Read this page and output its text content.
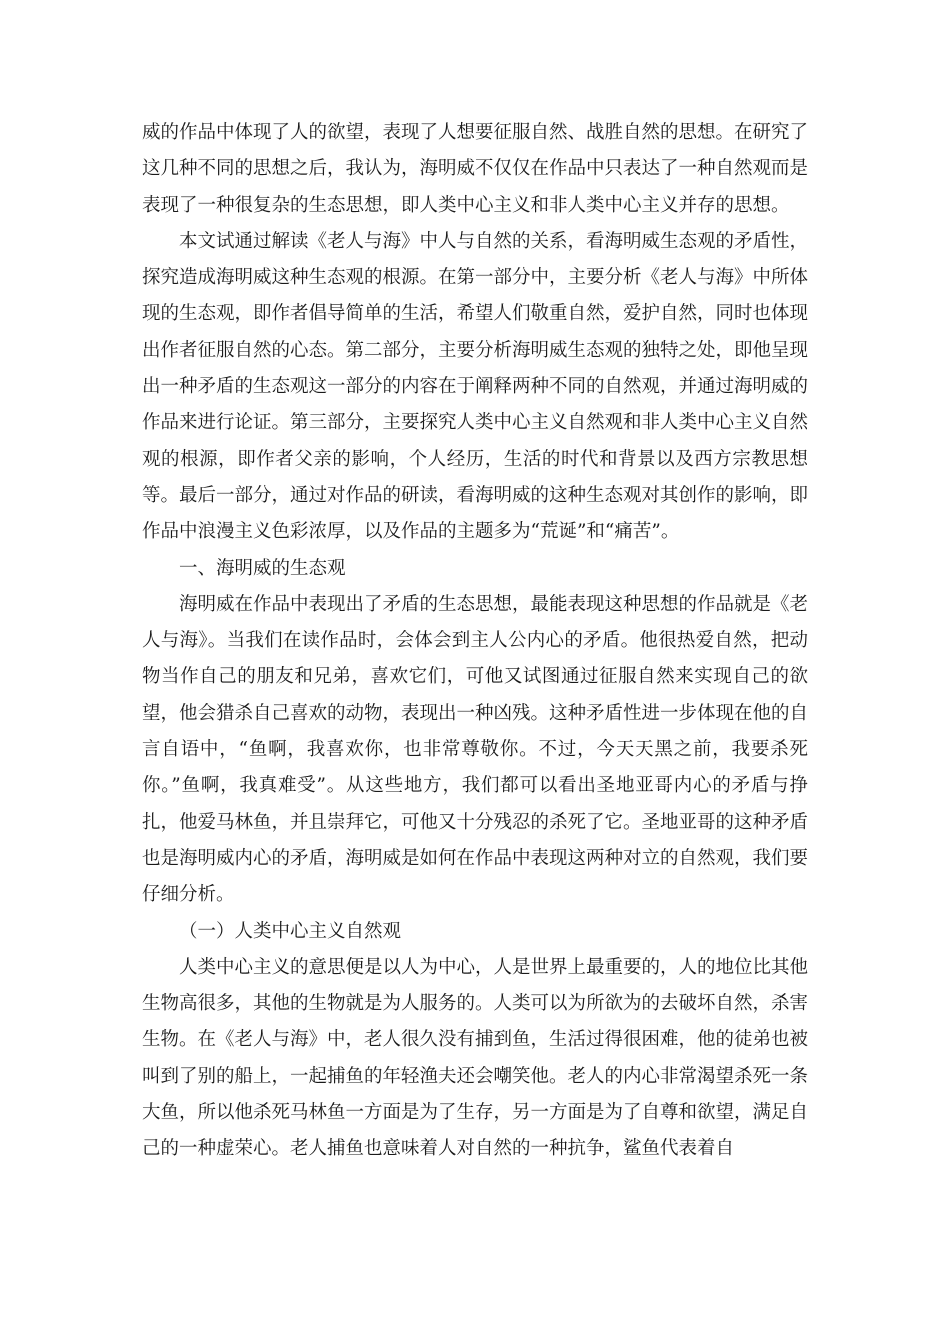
威的作品中体现了人的欲望，表现了人想要征服自然、战胜自然的思想。在研究了这几种不同的思想之后，我认为，海明威不仅仅在作品中只表达了一种自然观而是表现了一种很复杂的生态思想，即人类中心主义和非人类中心主义并存的思想。

本文试通过解读《老人与海》中人与自然的关系，看海明威生态观的矛盾性，探究造成海明威这种生态观的根源。在第一部分中，主要分析《老人与海》中所体现的生态观，即作者倡导简单的生活，希望人们敬重自然，爱护自然，同时也体现出作者征服自然的心态。第二部分，主要分析海明威生态观的独特之处，即他呈现出一种矛盾的生态观这一部分的内容在于阐释两种不同的自然观，并通过海明威的作品来进行论证。第三部分，主要探究人类中心主义自然观和非人类中心主义自然观的根源，即作者父亲的影响，个人经历，生活的时代和背景以及西方宗教思想等。最后一部分，通过对作品的研读，看海明威的这种生态观对其创作的影响，即作品中浪漫主义色彩浓厚，以及作品的主题多为“荒诞”和“痛苦”。

一、海明威的生态观

海明威在作品中表现出了矛盾的生态思想，最能表现这种思想的作品就是《老人与海》。当我们在读作品时，会体会到主人公内心的矛盾。他很热爱自然，把动物当作自己的朋友和兄弟，喜欢它们，可他又试图通过征服自然来实现自己的欲望，他会猎杀自己喜欢的动物，表现出一种凶残。这种矛盾性进一步体现在他的自言自语中，“鱼啊，我喜欢你，也非常尊敬你。不过，今天天黑之前，我要杀死你。”鱼啊，我真难受”。从这些地方，我们都可以看出圣地亚哥内心的矛盾与挣扎，他爱马林鱼，并且崇拜它，可他又十分残忍的杀死了它。圣地亚哥的这种矛盾也是海明威内心的矛盾，海明威是如何在作品中表现这两种对立的自然观，我们要仔细分析。

（一）人类中心主义自然观

人类中心主义的意思便是以人为中心，人是世界上最重要的，人的地位比其他生物高很多，其他的生物就是为人服务的。人类可以为所欲为的去破坏自然，杀害生物。在《老人与海》中，老人很久没有捕到鱼，生活过得很困难，他的徒弟也被叫到了别的船上，一起捕鱼的年轻渔夫还会嘲笑他。老人的内心非常渴望杀死一条大鱼，所以他杀死马林鱼一方面是为了生存，另一方面是为了自尊和欲望，满足自己的一种虚荣心。老人捕鱼也意味着人对自然的一种抗争，鲨鱼代表着自
